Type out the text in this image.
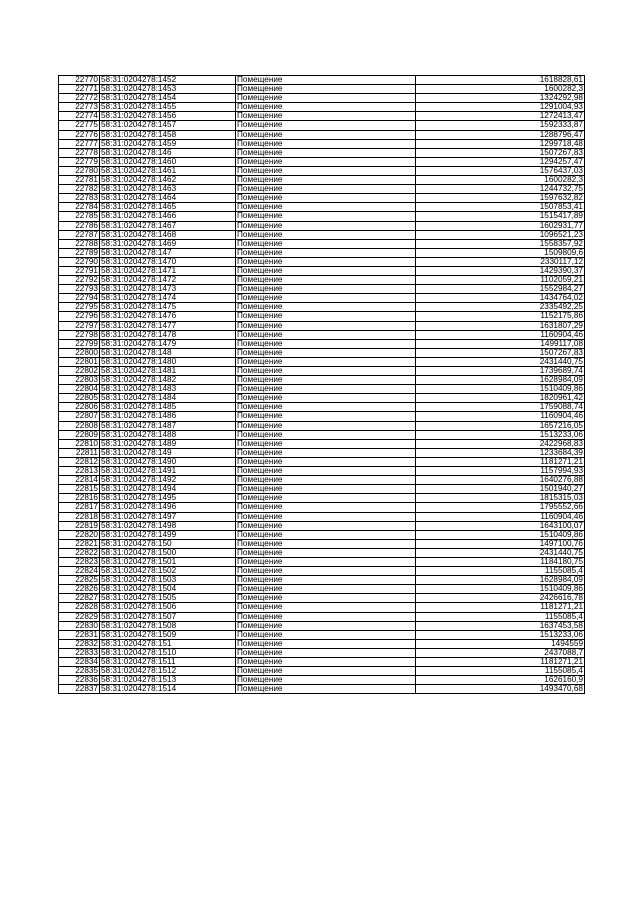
22770	58:31:0204278:1452	Помещение	1618828,61
22771	58:31:0204278:1453	Помещение	1600282,3
22772	58:31:0204278:1454	Помещение	1324292,98
22773	58:31:0204278:1455	Помещение	1291004,93
22774	58:31:0204278:1456	Помещение	1272413,47
22775	58:31:0204278:1457	Помещение	1592333,87
22776	58:31:0204278:1458	Помещение	1288796,47
22777	58:31:0204278:1459	Помещение	1299718,48
22778	58:31:0204278:146	Помещение	1507267,83
22779	58:31:0204278:1460	Помещение	1294257,47
22780	58:31:0204278:1461	Помещение	1576437,03
22781	58:31:0204278:1462	Помещение	1600282,3
22782	58:31:0204278:1463	Помещение	1244732,75
22783	58:31:0204278:1464	Помещение	1597632,82
22784	58:31:0204278:1465	Помещение	1507853,41
22785	58:31:0204278:1466	Помещение	1515417,89
22786	58:31:0204278:1467	Помещение	1602931,77
22787	58:31:0204278:1468	Помещение	1096521,23
22788	58:31:0204278:1469	Помещение	1558357,92
22789	58:31:0204278:147	Помещение	1509809,6
22790	58:31:0204278:1470	Помещение	2330117,12
22791	58:31:0204278:1471	Помещение	1429390,37
22792	58:31:0204278:1472	Помещение	1102059,21
22793	58:31:0204278:1473	Помещение	1552984,27
22794	58:31:0204278:1474	Помещение	1434764,02
22795	58:31:0204278:1475	Помещение	2335492,25
22796	58:31:0204278:1476	Помещение	1152175,86
22797	58:31:0204278:1477	Помещение	1631807,29
22798	58:31:0204278:1478	Помещение	1160904,46
22799	58:31:0204278:1479	Помещение	1499117,08
22800	58:31:0204278:148	Помещение	1507267,83
22801	58:31:0204278:1480	Помещение	2431440,75
22802	58:31:0204278:1481	Помещение	1739689,74
22803	58:31:0204278:1482	Помещение	1628984,09
22804	58:31:0204278:1483	Помещение	1510409,86
22805	58:31:0204278:1484	Помещение	1820961,42
22806	58:31:0204278:1485	Помещение	1759088,74
22807	58:31:0204278:1486	Помещение	1160904,46
22808	58:31:0204278:1487	Помещение	1657216,05
22809	58:31:0204278:1488	Помещение	1513233,06
22810	58:31:0204278:1489	Помещение	2422968,83
22811	58:31:0204278:149	Помещение	1233684,39
22812	58:31:0204278:1490	Помещение	1181271,21
22813	58:31:0204278:1491	Помещение	1157994,93
22814	58:31:0204278:1492	Помещение	1640276,88
22815	58:31:0204278:1494	Помещение	1501940,27
22816	58:31:0204278:1495	Помещение	1815315,03
22817	58:31:0204278:1496	Помещение	1795552,66
22818	58:31:0204278:1497	Помещение	1160904,46
22819	58:31:0204278:1498	Помещение	1643100,07
22820	58:31:0204278:1499	Помещение	1510409,86
22821	58:31:0204278:150	Помещение	1497100,76
22822	58:31:0204278:1500	Помещение	2431440,75
22823	58:31:0204278:1501	Помещение	1184180,75
22824	58:31:0204278:1502	Помещение	1155085,4
22825	58:31:0204278:1503	Помещение	1628984,09
22826	58:31:0204278:1504	Помещение	1510409,86
22827	58:31:0204278:1505	Помещение	2426616,78
22828	58:31:0204278:1506	Помещение	1181271,21
22829	58:31:0204278:1507	Помещение	1155085,4
22830	58:31:0204278:1508	Помещение	1637453,58
22831	58:31:0204278:1509	Помещение	1513233,06
22832	58:31:0204278:151	Помещение	1494559
22833	58:31:0204278:1510	Помещение	2437088,7
22834	58:31:0204278:1511	Помещение	1181271,21
22835	58:31:0204278:1512	Помещение	1155085,4
22836	58:31:0204278:1513	Помещение	1626160,9
22837	58:31:0204278:1514	Помещение	1493470,68
